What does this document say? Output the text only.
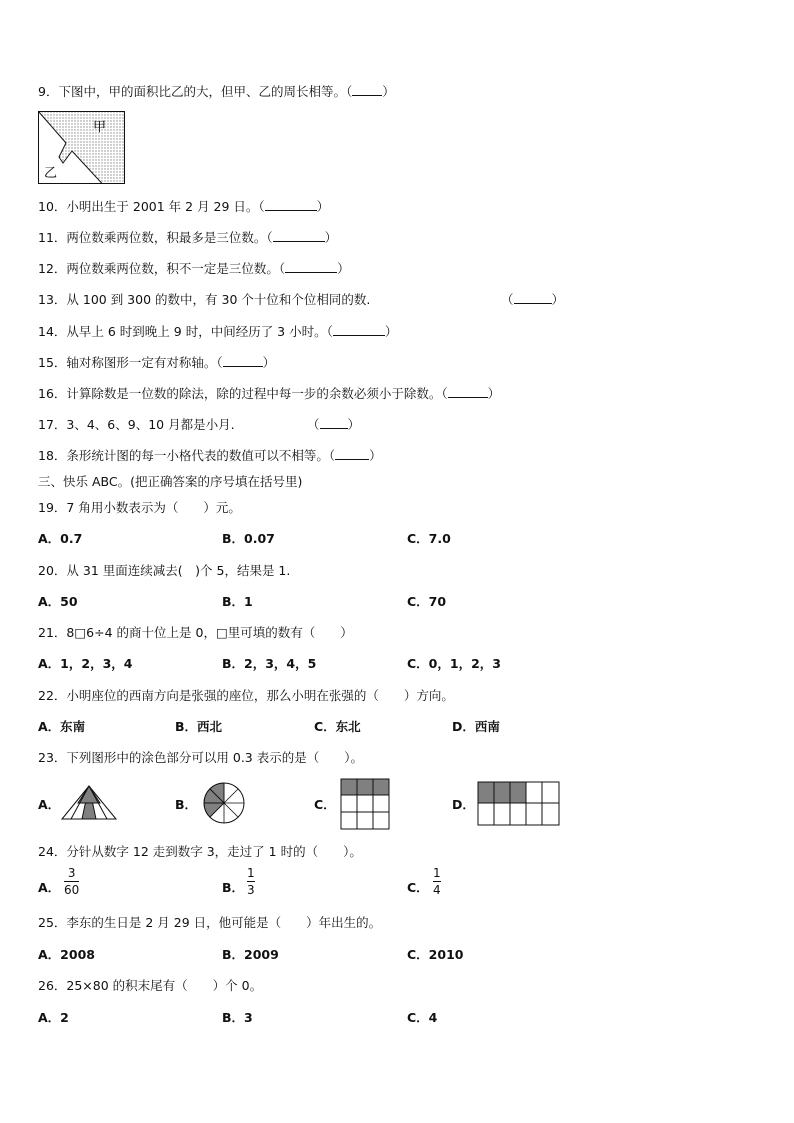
9．下图中，甲的面积比乙的大，但甲、乙的周长相等。（ ）
甲
乙
10．小明出生于 2001 年 2 月 29 日。（	）
11．两位数乘两位数，积最多是三位数。（	）
12．两位数乘两位数，积不一定是三位数。（	）
13．从 100 到 300 的数中，有 30 个十位和个位相同的数.	（	）
14．从早上 6 时到晚上 9 时，中间经历了 3 小时。（	）
15．轴对称图形一定有对称轴。（	）
16．计算除数是一位数的除法，除的过程中每一步的余数必须小于除数。（	）
17．3、4、6、9、10 月都是小月.	（ ）
18．条形统计图的每一小格代表的数值可以不相等。（	）
三、快乐 ABC。(把正确答案的序号填在括号里)
19．7 角用小数表示为（　　）元。
A．0.7	B．0.07	C．7.0
20．从 31 里面连续减去(　)个 5，结果是 1.
A．50	B．1	C．70
21．8□6÷4 的商十位上是 0，□里可填的数有（　　）
A．1，2，3，4	B．2，3，4，5	C．0，1，2，3
22．小明座位的西南方向是张强的座位，那么小明在张强的（　　）方向。
A．东南	B．西北	C．东北	D．西南
23．下列图形中的涂色部分可以用 0.3 表示的是（　　）。
A．	B．	C．	D．
24．分针从数字 12 走到数字 3，走过了 1 时的（　　）。
A．
3
60	B．
1
3	C．
1
4
25．李东的生日是 2 月 29 日，他可能是（　　）年出生的。
A．2008	B．2009	C．2010
26．25×80 的积末尾有（　　）个 0。
A．2	B．3	C．4
